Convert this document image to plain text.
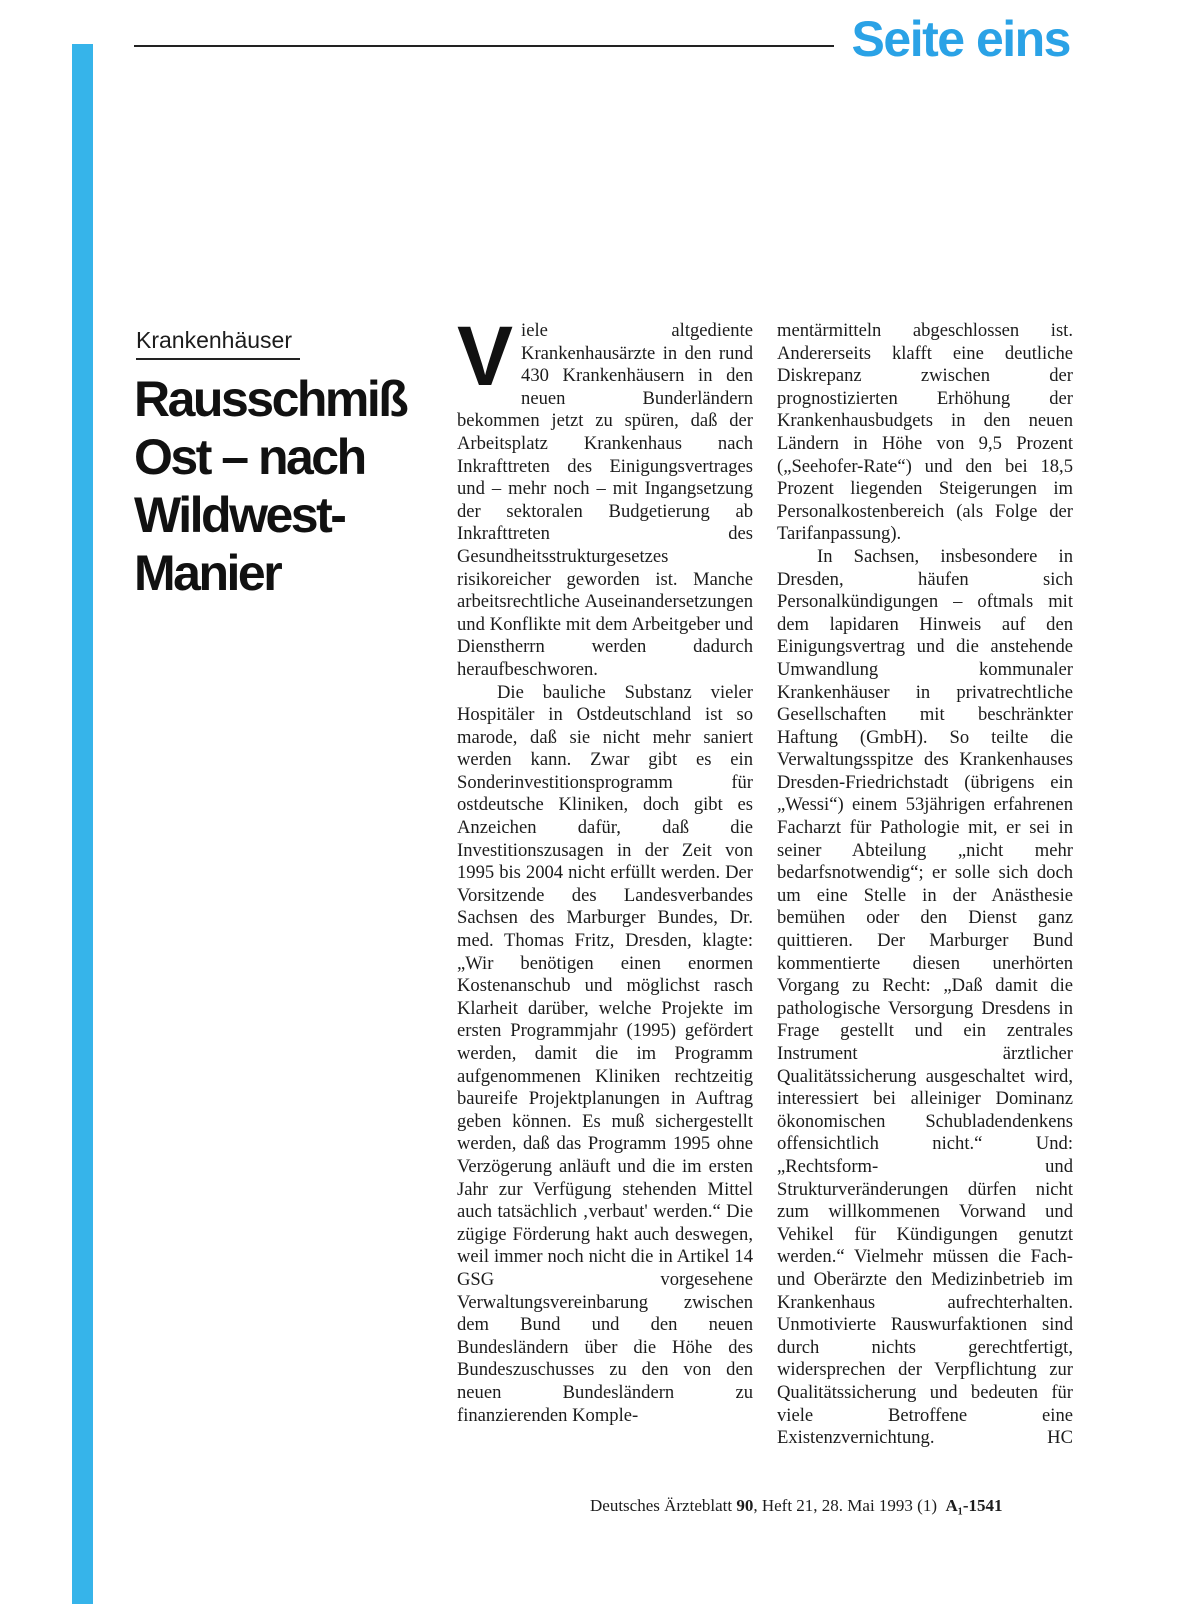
Seite eins
Krankenhäuser
Rausschmiß Ost – nach Wildwest-Manier

Viele altgediente Krankenhausärzte in den rund 430 Krankenhäusern in den neuen Bunderländern bekommen jetzt zu spüren, daß der Arbeitsplatz Krankenhaus nach Inkrafttreten des Einigungsvertrages und – mehr noch – mit Ingangsetzung der sektoralen Budgetierung ab Inkrafttreten des Gesundheitsstrukturgesetzes risikoreicher geworden ist. Manche arbeitsrechtliche Auseinandersetzungen und Konflikte mit dem Arbeitgeber und Dienstherrn werden dadurch heraufbeschworen.

Die bauliche Substanz vieler Hospitäler in Ostdeutschland ist so marode, daß sie nicht mehr saniert werden kann. Zwar gibt es ein Sonderinvestitionsprogramm für ostdeutsche Kliniken, doch gibt es Anzeichen dafür, daß die Investitionszusagen in der Zeit von 1995 bis 2004 nicht erfüllt werden. Der Vorsitzende des Landesverbandes Sachsen des Marburger Bundes, Dr. med. Thomas Fritz, Dresden, klagte: „Wir benötigen einen enormen Kostenanschub und möglichst rasch Klarheit darüber, welche Projekte im ersten Programmjahr (1995) gefördert werden, damit die im Programm aufgenommenen Kliniken rechtzeitig baureife Projektplanungen in Auftrag geben können. Es muß sichergestellt werden, daß das Programm 1995 ohne Verzögerung anläuft und die im ersten Jahr zur Verfügung stehenden Mittel auch tatsächlich ‚verbaut' werden.“ Die zügige Förderung hakt auch deswegen, weil immer noch nicht die in Artikel 14 GSG vorgesehene Verwaltungsvereinbarung zwischen dem Bund und den neuen Bundesländern über die Höhe des Bundeszuschusses zu den von den neuen Bundesländern zu finanzierenden Komple-

mentärmitteln abgeschlossen ist. Andererseits klafft eine deutliche Diskrepanz zwischen der prognostizierten Erhöhung der Krankenhausbudgets in den neuen Ländern in Höhe von 9,5 Prozent („Seehofer-Rate“) und den bei 18,5 Prozent liegenden Steigerungen im Personalkostenbereich (als Folge der Tarifanpassung).

In Sachsen, insbesondere in Dresden, häufen sich Personalkündigungen – oftmals mit dem lapidaren Hinweis auf den Einigungsvertrag und die anstehende Umwandlung kommunaler Krankenhäuser in privatrechtliche Gesellschaften mit beschränkter Haftung (GmbH). So teilte die Verwaltungsspitze des Krankenhauses Dresden-Friedrichstadt (übrigens ein „Wessi“) einem 53jährigen erfahrenen Facharzt für Pathologie mit, er sei in seiner Abteilung „nicht mehr bedarfsnotwendig“; er solle sich doch um eine Stelle in der Anästhesie bemühen oder den Dienst ganz quittieren. Der Marburger Bund kommentierte diesen unerhörten Vorgang zu Recht: „Daß damit die pathologische Versorgung Dresdens in Frage gestellt und ein zentrales Instrument ärztlicher Qualitätssicherung ausgeschaltet wird, interessiert bei alleiniger Dominanz ökonomischen Schubladendenkens offensichtlich nicht.“ Und: „Rechtsform- und Strukturveränderungen dürfen nicht zum willkommenen Vorwand und Vehikel für Kündigungen genutzt werden.“ Vielmehr müssen die Fach- und Oberärzte den Medizinbetrieb im Krankenhaus aufrechterhalten. Unmotivierte Rauswurfaktionen sind durch nichts gerechtfertigt, widersprechen der Verpflichtung zur Qualitätssicherung und bedeuten für viele Betroffene eine Existenzvernichtung.	HC

Deutsches Ärzteblatt 90, Heft 21, 28. Mai 1993 (1) A₁-1541
